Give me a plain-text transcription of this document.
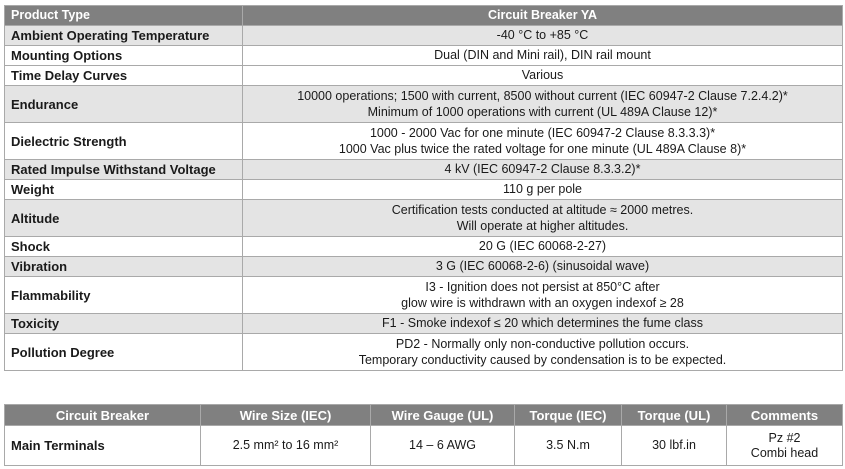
Product Type	Circuit Breaker YA
Ambient Operating Temperature	-40 °C to +85 °C

Mounting Options	Dual (DIN and Mini rail), DIN rail mount

Time Delay Curves	Various

Endurance	10000 operations; 1500 with current, 8500 without current (IEC 60947-2 Clause 7.2.4.2)*
Minimum of 1000 operations with current (UL 489A Clause 12)*

Dielectric Strength	1000 - 2000 Vac for one minute (IEC 60947-2 Clause 8.3.3.3)*
1000 Vac plus twice the rated voltage for one minute (UL 489A Clause 8)*

Rated Impulse Withstand Voltage	4 kV (IEC 60947-2 Clause 8.3.3.2)*

Weight	110 g per pole

Altitude	Certification tests conducted at altitude ≈ 2000 metres.
Will operate at higher altitudes.

Shock	20 G (IEC 60068-2-27)

Vibration	3 G (IEC 60068-2-6) (sinusoidal wave)

Flammability	I3 - Ignition does not persist at 850°C after
glow wire is withdrawn with an oxygen indexof ≥ 28

Toxicity	F1 - Smoke indexof ≤ 20 which determines the fume class

Pollution Degree	PD2 - Normally only non-conductive pollution occurs.
Temporary conductivity caused by condensation is to be expected.
Circuit Breaker	Wire Size (IEC)	Wire Gauge (UL)	Torque (IEC)	Torque (UL)	Comments
Main Terminals	2.5 mm² to 16 mm²	14 – 6 AWG	3.5 N.m	30 lbf.in	Pz #2
Combi head
